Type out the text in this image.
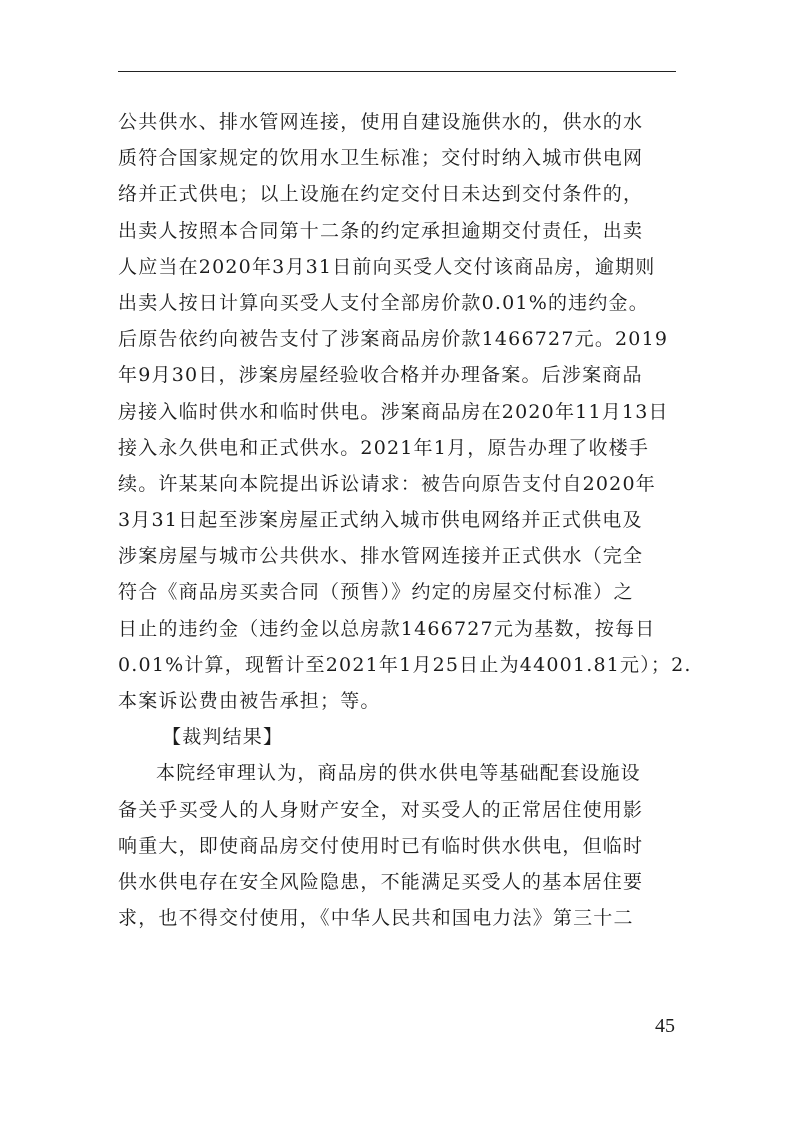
公共供水、排水管网连接，使用自建设施供水的，供水的水
质符合国家规定的饮用水卫生标准；交付时纳入城市供电网
络并正式供电；以上设施在约定交付日未达到交付条件的，
出卖人按照本合同第十二条的约定承担逾期交付责任，出卖
人应当在2020年3月31日前向买受人交付该商品房，逾期则
出卖人按日计算向买受人支付全部房价款0.01%的违约金。
后原告依约向被告支付了涉案商品房价款1466727元。2019
年9月30日，涉案房屋经验收合格并办理备案。后涉案商品
房接入临时供水和临时供电。涉案商品房在2020年11月13日
接入永久供电和正式供水。2021年1月，原告办理了收楼手
续。许某某向本院提出诉讼请求：被告向原告支付自2020年
3月31日起至涉案房屋正式纳入城市供电网络并正式供电及
涉案房屋与城市公共供水、排水管网连接并正式供水（完全
符合《商品房买卖合同（预售）》约定的房屋交付标准）之
日止的违约金（违约金以总房款1466727元为基数，按每日
0.01%计算，现暂计至2021年1月25日止为44001.81元）；2.
本案诉讼费由被告承担；等。
【裁判结果】
本院经审理认为，商品房的供水供电等基础配套设施设
备关乎买受人的人身财产安全，对买受人的正常居住使用影
响重大，即使商品房交付使用时已有临时供水供电，但临时
供水供电存在安全风险隐患，不能满足买受人的基本居住要
求，也不得交付使用，《中华人民共和国电力法》第三十二
45
